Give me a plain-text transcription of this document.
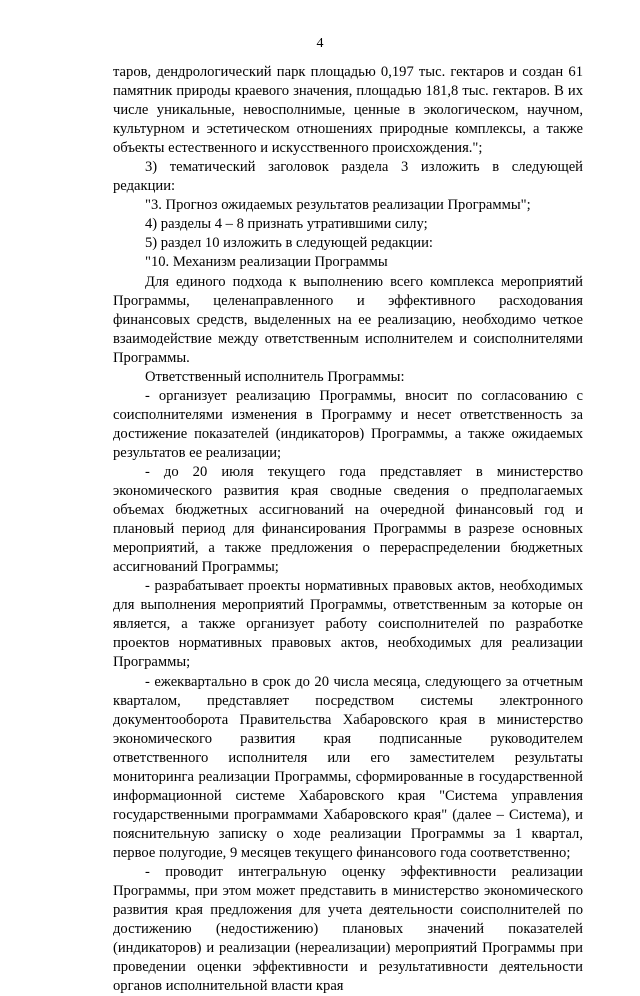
4

таров, дендрологический парк площадью 0,197 тыс. гектаров и создан 61 памятник природы краевого значения, площадью 181,8 тыс. гектаров. В их числе уникальные, невосполнимые, ценные в экологическом, научном, культурном и эстетическом отношениях природные комплексы, а также объекты естественного и искусственного происхождения.";

3) тематический заголовок раздела 3 изложить в следующей редакции:

"3. Прогноз ожидаемых результатов реализации Программы";

4) разделы 4 – 8 признать утратившими силу;

5) раздел 10 изложить в следующей редакции:

"10. Механизм реализации Программы

Для единого подхода к выполнению всего комплекса мероприятий Программы, целенаправленного и эффективного расходования финансовых средств, выделенных на ее реализацию, необходимо четкое взаимодействие между ответственным исполнителем и соисполнителями Программы.

Ответственный исполнитель Программы:

- организует реализацию Программы, вносит по согласованию с соисполнителями изменения в Программу и несет ответственность за достижение показателей (индикаторов) Программы, а также ожидаемых результатов ее реализации;

- до 20 июля текущего года представляет в министерство экономического развития края сводные сведения о предполагаемых объемах бюджетных ассигнований на очередной финансовый год и плановый период для финансирования Программы в разрезе основных мероприятий, а также предложения о перераспределении бюджетных ассигнований Программы;

- разрабатывает проекты нормативных правовых актов, необходимых для выполнения мероприятий Программы, ответственным за которые он является, а также организует работу соисполнителей по разработке проектов нормативных правовых актов, необходимых для реализации Программы;

- ежеквартально в срок до 20 числа месяца, следующего за отчетным кварталом, представляет посредством системы электронного документооборота Правительства Хабаровского края в министерство экономического развития края подписанные руководителем ответственного исполнителя или его заместителем результаты мониторинга реализации Программы, сформированные в государственной информационной системе Хабаровского края "Система управления государственными программами Хабаровского края" (далее – Система), и пояснительную записку о ходе реализации Программы за 1 квартал, первое полугодие, 9 месяцев текущего финансового года соответственно;

- проводит интегральную оценку эффективности реализации Программы, при этом может представить в министерство экономического развития края предложения для учета деятельности соисполнителей по достижению (недостижению) плановых значений показателей (индикаторов) и реализации (нереализации) мероприятий Программы при проведении оценки эффективности и результативности деятельности органов исполнительной власти края
